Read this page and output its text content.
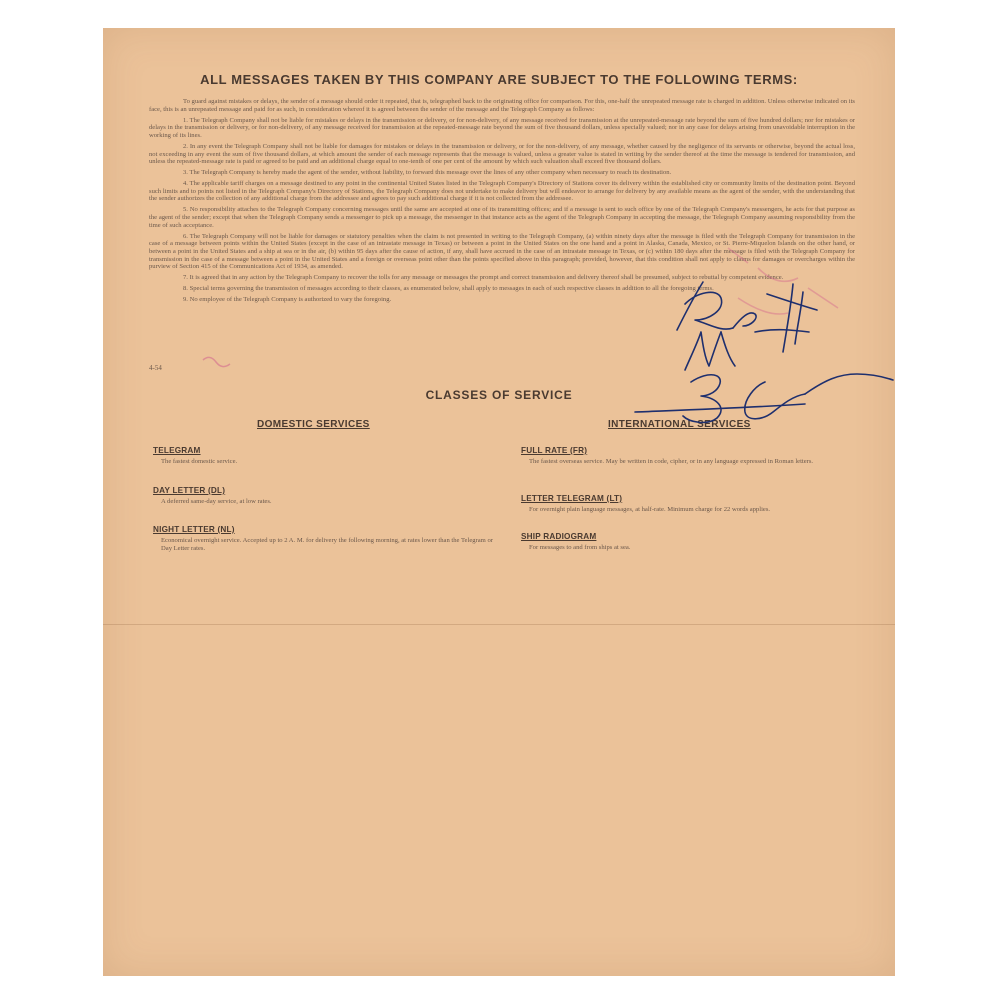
ALL MESSAGES TAKEN BY THIS COMPANY ARE SUBJECT TO THE FOLLOWING TERMS:

To guard against mistakes or delays, the sender of a message should order it repeated, that is, telegraphed back to the originating office for comparison. For this, one-half the unrepeated message rate is charged in addition. Unless otherwise indicated on its face, this is an unrepeated message and paid for as such, in consideration whereof it is agreed between the sender of the message and the Telegraph Company as follows:

1. The Telegraph Company shall not be liable for mistakes or delays in the transmission or delivery, or for non-delivery, of any message received for transmission at the unrepeated-message rate beyond the sum of five hundred dollars; nor for mistakes or delays in the transmission or delivery, or for non-delivery, of any message received for transmission at the repeated-message rate beyond the sum of five thousand dollars, unless specially valued; nor in any case for delays arising from unavoidable interruption in the working of its lines.

2. In any event the Telegraph Company shall not be liable for damages for mistakes or delays in the transmission or delivery, or for the non-delivery, of any message, whether caused by the negligence of its servants or otherwise, beyond the actual loss, not exceeding in any event the sum of five thousand dollars, at which amount the sender of each message represents that the message is valued, unless a greater value is stated in writing by the sender thereof at the time the message is tendered for transmission, and unless the repeated-message rate is paid or agreed to be paid and an additional charge equal to one-tenth of one per cent of the amount by which such valuation shall exceed five thousand dollars.

3. The Telegraph Company is hereby made the agent of the sender, without liability, to forward this message over the lines of any other company when necessary to reach its destination.

4. The applicable tariff charges on a message destined to any point in the continental United States listed in the Telegraph Company's Directory of Stations cover its delivery within the established city or community limits of the destination point. Beyond such limits and to points not listed in the Telegraph Company's Directory of Stations, the Telegraph Company does not undertake to make delivery but will endeavor to arrange for delivery by any available means as the agent of the sender, with the understanding that the sender authorizes the collection of any additional charge from the addressee and agrees to pay such additional charge if it is not collected from the addressee.

5. No responsibility attaches to the Telegraph Company concerning messages until the same are accepted at one of its transmitting offices; and if a message is sent to such office by one of the Telegraph Company's messengers, he acts for that purpose as the agent of the sender; except that when the Telegraph Company sends a messenger to pick up a message, the messenger in that instance acts as the agent of the Telegraph Company in accepting the message, the Telegraph Company assuming responsibility from the time of such acceptance.

6. The Telegraph Company will not be liable for damages or statutory penalties when the claim is not presented in writing to the Telegraph Company, (a) within ninety days after the message is filed with the Telegraph Company for transmission in the case of a message between points within the United States (except in the case of an intrastate message in Texas) or between a point in the United States on the one hand and a point in Alaska, Canada, Mexico, or St. Pierre-Miquelon Islands on the other hand, or between a point in the United States and a ship at sea or in the air, (b) within 95 days after the cause of action, if any, shall have accrued in the case of an intrastate message in Texas, or (c) within 180 days after the message is filed with the Telegraph Company for transmission in the case of a message between a point in the United States and a foreign or overseas point other than the points specified above in this paragraph; provided, however, that this condition shall not apply to claims for damages or overcharges within the purview of Section 415 of the Communications Act of 1934, as amended.

7. It is agreed that in any action by the Telegraph Company to recover the tolls for any message or messages the prompt and correct transmission and delivery thereof shall be presumed, subject to rebuttal by competent evidence.

8. Special terms governing the transmission of messages according to their classes, as enumerated below, shall apply to messages in each of such respective classes in addition to all the foregoing terms.

9. No employee of the Telegraph Company is authorized to vary the foregoing.

4-54
CLASSES OF SERVICE
DOMESTIC SERVICES	INTERNATIONAL SERVICES
TELEGRAM
The fastest domestic service.
DAY LETTER (DL)
A deferred same-day service, at low rates.
NIGHT LETTER (NL)
Economical overnight service. Accepted up to 2 A. M. for delivery the following morning, at rates lower than the Telegram or Day Letter rates.
FULL RATE (FR)
The fastest overseas service. May be written in code, cipher, or in any language expressed in Roman letters.
LETTER TELEGRAM (LT)
For overnight plain language messages, at half-rate. Minimum charge for 22 words applies.
SHIP RADIOGRAM
For messages to and from ships at sea.
